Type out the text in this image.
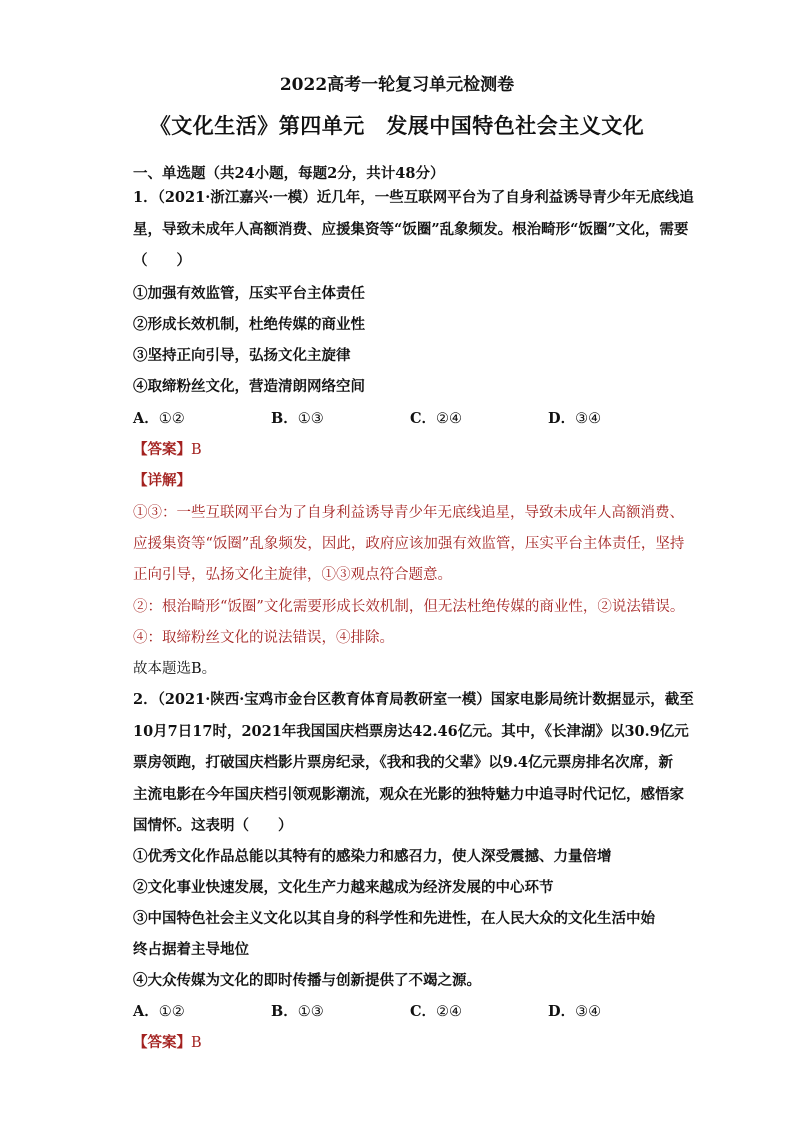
2022高考一轮复习单元检测卷
《文化生活》第四单元　发展中国特色社会主义文化
一、单选题（共24小题，每题2分，共计48分）
1．（2021·浙江嘉兴·一模）近几年，一些互联网平台为了自身利益诱导青少年无底线追
星，导致未成年人高额消费、应援集资等“饭圈”乱象频发。根治畸形“饭圈”文化，需要
（　　）
①加强有效监管，压实平台主体责任
②形成长效机制，杜绝传媒的商业性
③坚持正向引导，弘扬文化主旋律
④取缔粉丝文化，营造清朗网络空间
A．①②	B．①③	C．②④	D．③④
【答案】B
【详解】
①③：一些互联网平台为了自身利益诱导青少年无底线追星，导致未成年人高额消费、
应援集资等“饭圈”乱象频发，因此，政府应该加强有效监管，压实平台主体责任，坚持
正向引导，弘扬文化主旋律，①③观点符合题意。
②：根治畸形“饭圈”文化需要形成长效机制，但无法杜绝传媒的商业性，②说法错误。
④：取缔粉丝文化的说法错误，④排除。
故本题选B。
2．（2021·陕西·宝鸡市金台区教育体育局教研室一模）国家电影局统计数据显示，截至
10月7日17时，2021年我国国庆档票房达42.46亿元。其中，《长津湖》以30.9亿元
票房领跑，打破国庆档影片票房纪录，《我和我的父辈》以9.4亿元票房排名次席，新
主流电影在今年国庆档引领观影潮流，观众在光影的独特魅力中追寻时代记忆，感悟家
国情怀。这表明（　　）
①优秀文化作品总能以其特有的感染力和感召力，使人深受震撼、力量倍增
②文化事业快速发展，文化生产力越来越成为经济发展的中心环节
③中国特色社会主义文化以其自身的科学性和先进性，在人民大众的文化生活中始
终占据着主导地位
④大众传媒为文化的即时传播与创新提供了不竭之源。
A．①②	B．①③	C．②④	D．③④
【答案】B
